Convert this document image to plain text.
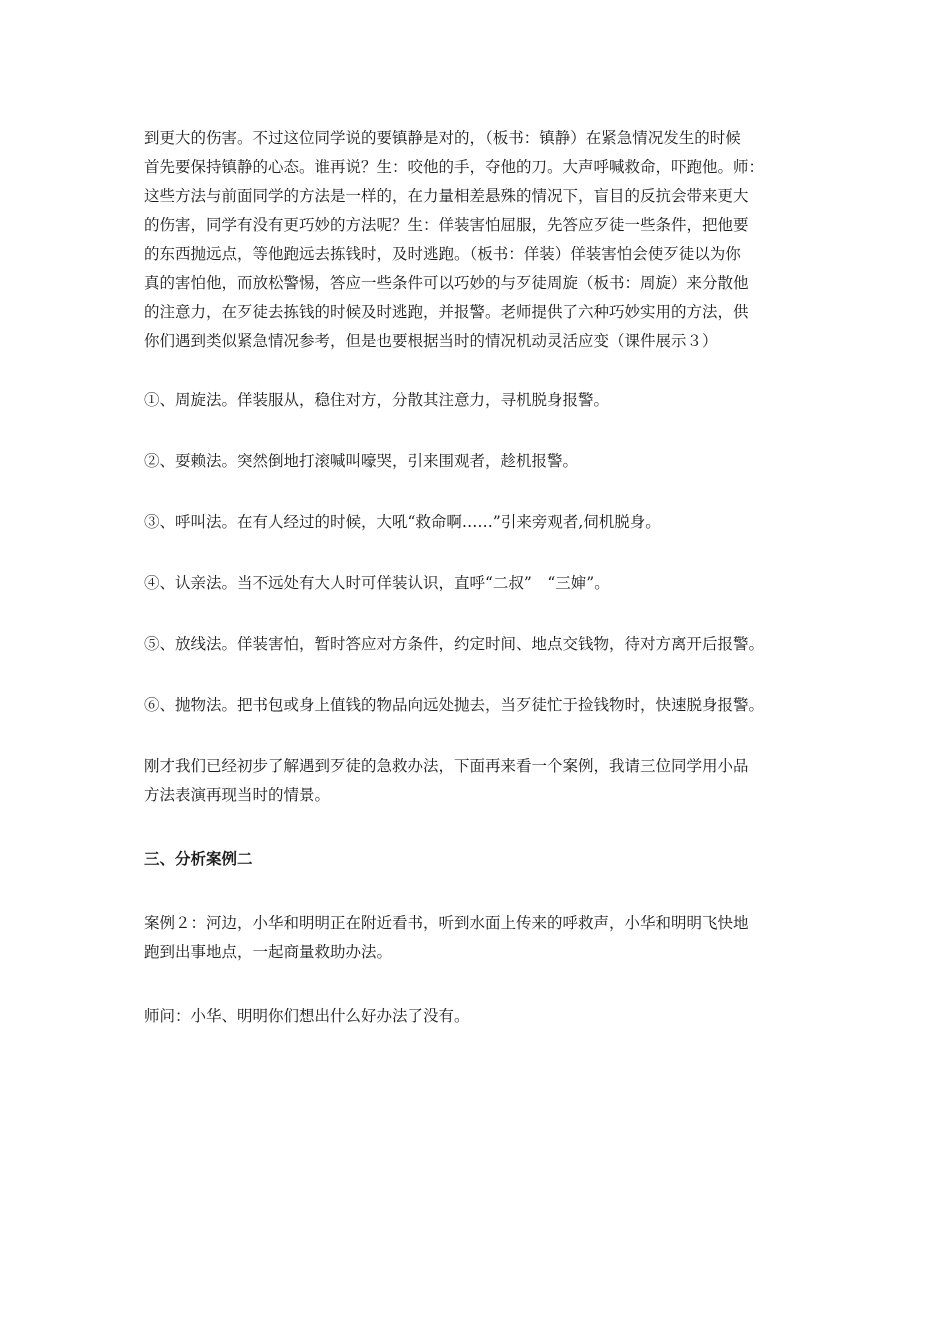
到更大的伤害。不过这位同学说的要镇静是对的，（板书：镇静）在紧急情况发生的时候
首先要保持镇静的心态。谁再说？生：咬他的手，夺他的刀。大声呼喊救命，吓跑他。师：
这些方法与前面同学的方法是一样的，在力量相差悬殊的情况下，盲目的反抗会带来更大
的伤害，同学有没有更巧妙的方法呢？生：佯装害怕屈服，先答应歹徒一些条件，把他要
的东西抛远点，等他跑远去拣钱时，及时逃跑。（板书：佯装）佯装害怕会使歹徒以为你
真的害怕他，而放松警惕，答应一些条件可以巧妙的与歹徒周旋（板书：周旋）来分散他
的注意力，在歹徒去拣钱的时候及时逃跑，并报警。老师提供了六种巧妙实用的方法，供
你们遇到类似紧急情况参考，但是也要根据当时的情况机动灵活应变（课件展示３）

①、周旋法。佯装服从，稳住对方，分散其注意力，寻机脱身报警。

②、耍赖法。突然倒地打滚喊叫嚎哭，引来围观者，趁机报警。

③、呼叫法。在有人经过的时候，大吼“救命啊……”引来旁观者,伺机脱身。

④、认亲法。当不远处有大人时可佯装认识，直呼“二叔”　“三婶”。

⑤、放线法。佯装害怕，暂时答应对方条件，约定时间、地点交钱物，待对方离开后报警。

⑥、抛物法。把书包或身上值钱的物品向远处抛去，当歹徒忙于捡钱物时，快速脱身报警。

刚才我们已经初步了解遇到歹徒的急救办法，下面再来看一个案例，我请三位同学用小品
方法表演再现当时的情景。

三、分析案例二

案例２：河边，小华和明明正在附近看书，听到水面上传来的呼救声，小华和明明飞快地
跑到出事地点，一起商量救助办法。

师问：小华、明明你们想出什么好办法了没有。
